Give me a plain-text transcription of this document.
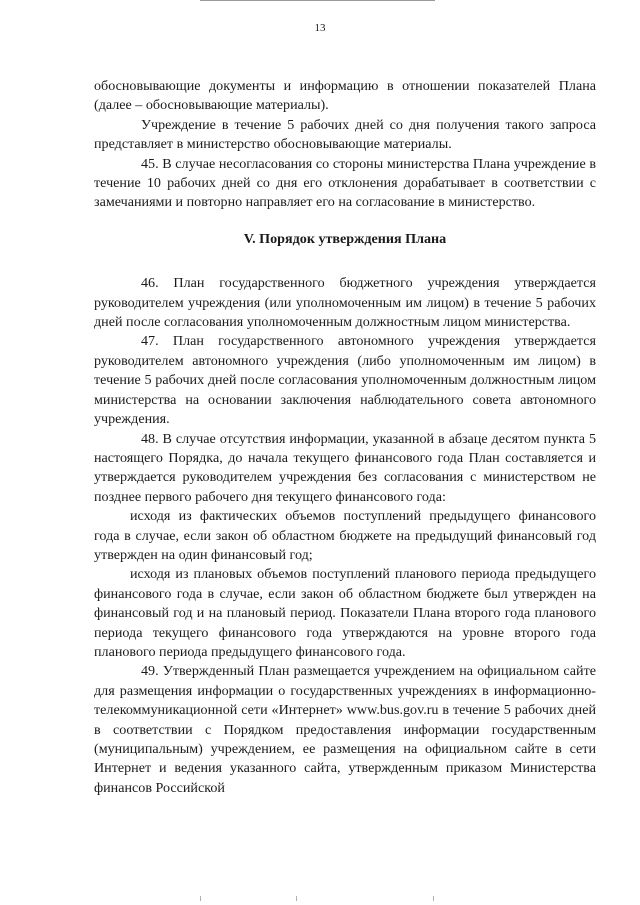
13

обосновывающие документы и информацию в отношении показателей Плана (далее – обосновывающие материалы).

Учреждение в течение 5 рабочих дней со дня получения такого запроса представляет в министерство обосновывающие материалы.

45. В случае несогласования со стороны министерства Плана учреждение в течение 10 рабочих дней со дня его отклонения дорабатывает в соответствии с замечаниями и повторно направляет его на согласование в министерство.

V. Порядок утверждения Плана

46. План государственного бюджетного учреждения утверждается руководителем учреждения (или уполномоченным им лицом) в течение 5 рабочих дней после согласования уполномоченным должностным лицом министерства.

47. План государственного автономного учреждения утверждается руководителем автономного учреждения (либо уполномоченным им лицом) в течение 5 рабочих дней после согласования уполномоченным должностным лицом министерства на основании заключения наблюдательного совета автономного учреждения.

48. В случае отсутствия информации, указанной в абзаце десятом пункта 5 настоящего Порядка, до начала текущего финансового года План составляется и утверждается руководителем учреждения без согласования с министерством не позднее первого рабочего дня текущего финансового года:

исходя из фактических объемов поступлений предыдущего финансового года в случае, если закон об областном бюджете на предыдущий финансовый год утвержден на один финансовый год;

исходя из плановых объемов поступлений планового периода предыдущего финансового года в случае, если закон об областном бюджете был утвержден на финансовый год и на плановый период. Показатели Плана второго года планового периода текущего финансового года утверждаются на уровне второго года планового периода предыдущего финансового года.

49. Утвержденный План размещается учреждением на официальном сайте для размещения информации о государственных учреждениях в информационно-телекоммуникационной сети «Интернет» www.bus.gov.ru в течение 5 рабочих дней в соответствии с Порядком предоставления информации государственным (муниципальным) учреждением, ее размещения на официальном сайте в сети Интернет и ведения указанного сайта, утвержденным приказом Министерства финансов Российской
